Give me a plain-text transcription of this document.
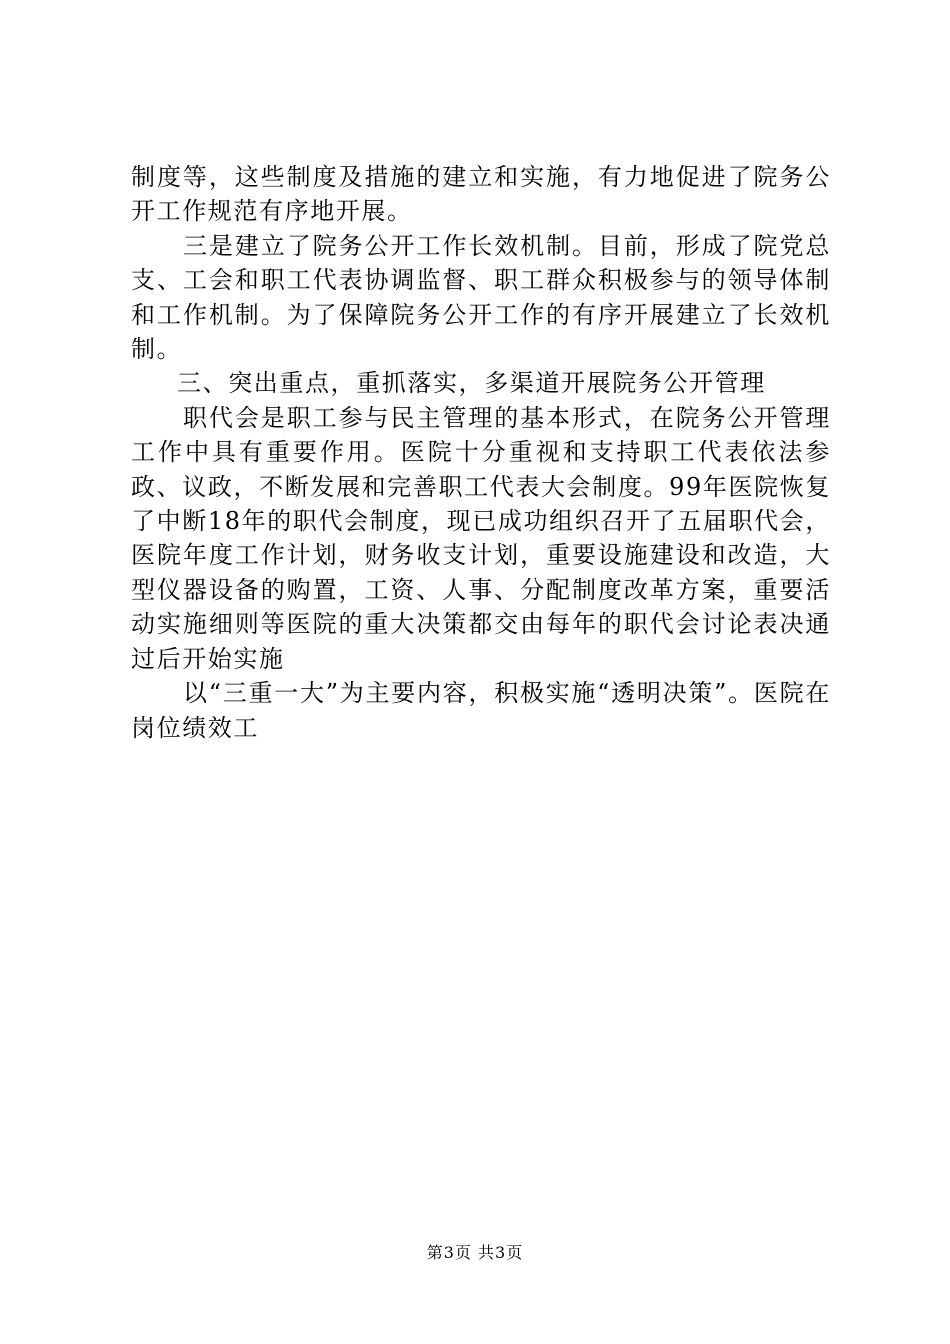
制度等，这些制度及措施的建立和实施，有力地促进了院务公开工作规范有序地开展。

三是建立了院务公开工作长效机制。目前，形成了院党总支、工会和职工代表协调监督、职工群众积极参与的领导体制和工作机制。为了保障院务公开工作的有序开展建立了长效机制。

三、突出重点，重抓落实，多渠道开展院务公开管理

职代会是职工参与民主管理的基本形式，在院务公开管理工作中具有重要作用。医院十分重视和支持职工代表依法参政、议政，不断发展和完善职工代表大会制度。99年医院恢复了中断18年的职代会制度，现已成功组织召开了五届职代会，医院年度工作计划，财务收支计划，重要设施建设和改造，大型仪器设备的购置，工资、人事、分配制度改革方案，重要活动实施细则等医院的重大决策都交由每年的职代会讨论表决通过后开始实施

以“三重一大”为主要内容，积极实施“透明决策”。医院在岗位绩效工

第3页 共3页
